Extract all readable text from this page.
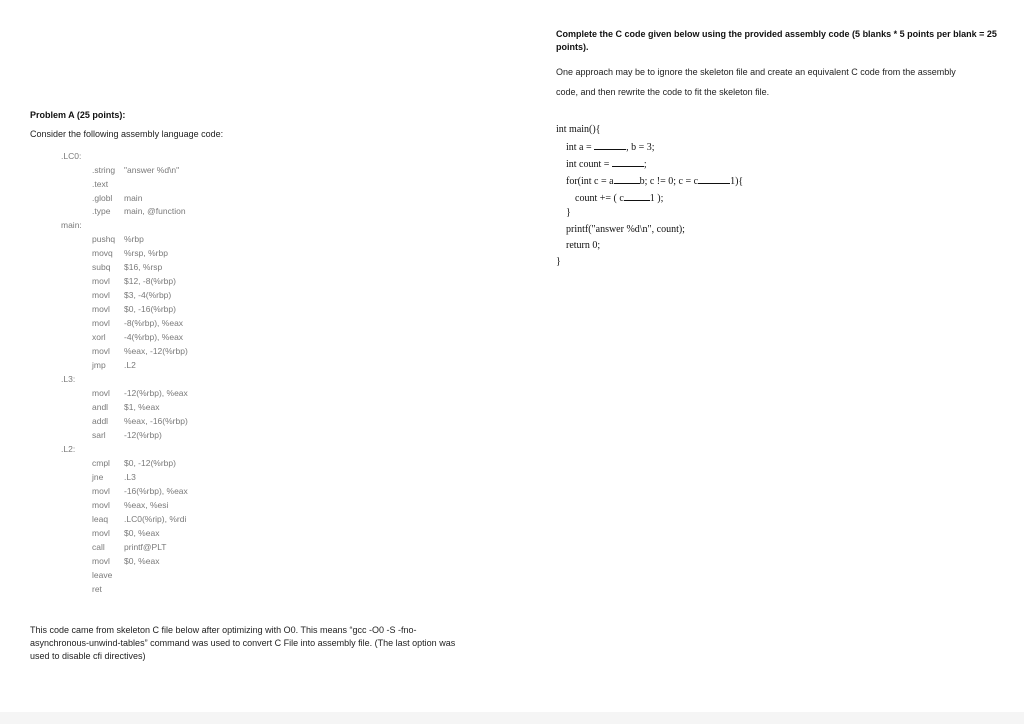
Problem A (25 points):
Consider the following assembly language code:
.LC0:
.string "answer %d\n"
.text
.globl main
.type main, @function
main:
pushq %rbp
movq %rsp, %rbp
subq $16, %rsp
movl $12, -8(%rbp)
movl $3, -4(%rbp)
movl $0, -16(%rbp)
movl -8(%rbp), %eax
xorl -4(%rbp), %eax
movl %eax, -12(%rbp)
jmp .L2
.L3:
movl -12(%rbp), %eax
andl $1, %eax
addl %eax, -16(%rbp)
sarl -12(%rbp)
.L2:
cmpl $0, -12(%rbp)
jne .L3
movl -16(%rbp), %eax
movl %eax, %esi
leaq .LC0(%rip), %rdi
movl $0, %eax
call printf@PLT
movl $0, %eax
leave
ret
This code came from skeleton C file below after optimizing with O0. This means “gcc -O0 -S -fno-
asynchronous-unwind-tables” command was used to convert C File into assembly file. (The last option was
used to disable cfi directives)
Complete the C code given below using the provided assembly code (5 blanks * 5 points per blank = 25
points).
One approach may be to ignore the skeleton file and create an equivalent C code from the assembly
code, and then rewrite the code to fit the skeleton file.
int main(){
int a =	, b = 3;
int count =	;
for(int c = a	b; c != 0; c = c	1){
count += ( c	1 );
}
printf("answer %d\n", count);
return 0;
}
